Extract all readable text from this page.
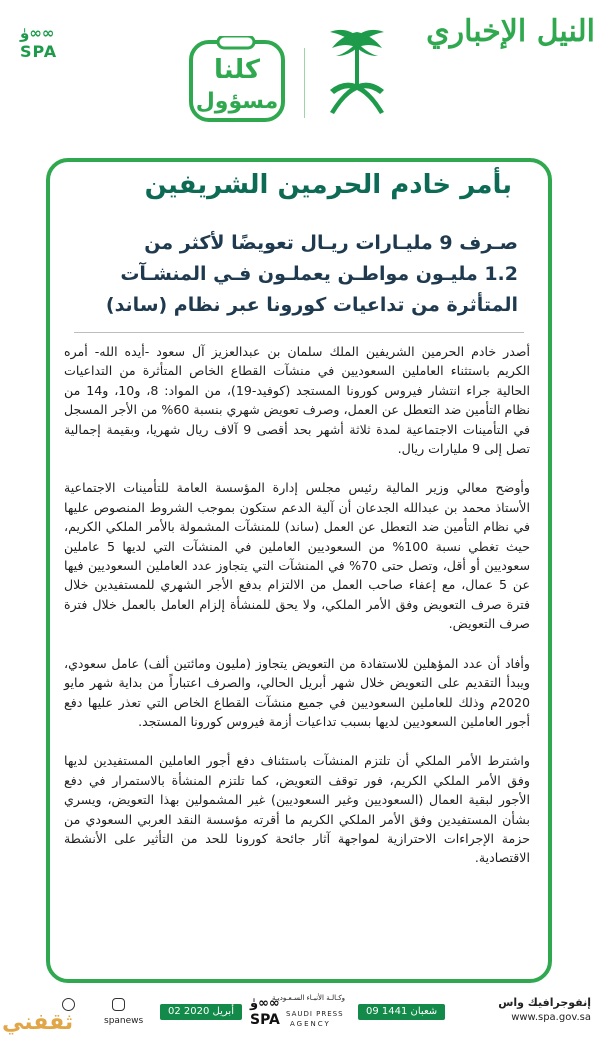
النيل الإخباري
كلنا
مسؤول
وٰ∞∞
SPA
بأمر خادم الحرمين الشريفين
صـرف 9 مليـارات ريـال تعويضًا لأكثر من
1.2 مليـون مواطـن يعملـون فـي المنشـآت
المتأثرة من تداعيات كورونا عبر نظام (ساند)

أصدر خادم الحرمين الشريفين الملك سلمان بن عبدالعزيز آل سعود -أيده الله- أمره الكريم باستثناء العاملين السعوديين في منشآت القطاع الخاص المتأثرة من التداعيات الحالية جراء انتشار فيروس كورونا المستجد (كوفيد-19)، من المواد: 8، و10، و14 من نظام التأمين ضد التعطل عن العمل، وصرف تعويض شهري بنسبة 60% من الأجر المسجل في التأمينات الاجتماعية لمدة ثلاثة أشهر بحد أقصى 9 آلاف ريال شهريا، وبقيمة إجمالية تصل إلى 9 مليارات ريال.

وأوضح معالي وزير المالية رئيس مجلس إدارة المؤسسة العامة للتأمينات الاجتماعية الأستاذ محمد بن عبدالله الجدعان أن آلية الدعم ستكون بموجب الشروط المنصوص عليها في نظام التأمين ضد التعطل عن العمل (ساند) للمنشآت المشمولة بالأمر الملكي الكريم، حيث تغطي نسبة 100% من السعوديين العاملين في المنشآت التي لديها 5 عاملين سعوديين أو أقل، وتصل حتى 70% في المنشآت التي يتجاوز عدد العاملين السعوديين فيها عن 5 عمال، مع إعفاء صاحب العمل من الالتزام بدفع الأجر الشهري للمستفيدين خلال فترة صرف التعويض وفق الأمر الملكي، ولا يحق للمنشأة إلزام العامل بالعمل خلال فترة صرف التعويض.

وأفاد أن عدد المؤهلين للاستفادة من التعويض يتجاوز (مليون ومائتين ألف) عامل سعودي، ويبدأ التقديم على التعويض خلال شهر أبريل الحالي، والصرف اعتباراً من بداية شهر مايو 2020م وذلك للعاملين السعوديين في جميع منشآت القطاع الخاص التي تعذر عليها دفع أجور العاملين السعوديين لديها بسبب تداعيات أزمة فيروس كورونا المستجد.

واشترط الأمر الملكي أن تلتزم المنشآت باستئناف دفع أجور العاملين المستفيدين لديها وفق الأمر الملكي الكريم، فور توقف التعويض، كما تلتزم المنشأة بالاستمرار في دفع الأجور لبقية العمال (السعوديين وغير السعوديين) غير المشمولين بهذا التعويض، ويسري بشأن المستفيدين وفق الأمر الملكي الكريم ما أقرته مؤسسة النقد العربي السعودي من حزمة الإجراءات الاحترازية لمواجهة آثار جائحة كورونا للحد من التأثير على الأنشطة الاقتصادية.

إنفوجرافيك واس
www.spa.gov.sa
09 شعبان 1441
وكـالـة الأنبـاء السـعـوديـة
SAUDI PRESS
AGENCY
وٰ∞∞
SPA
02 أبريل 2020
spanews
ثقفني
